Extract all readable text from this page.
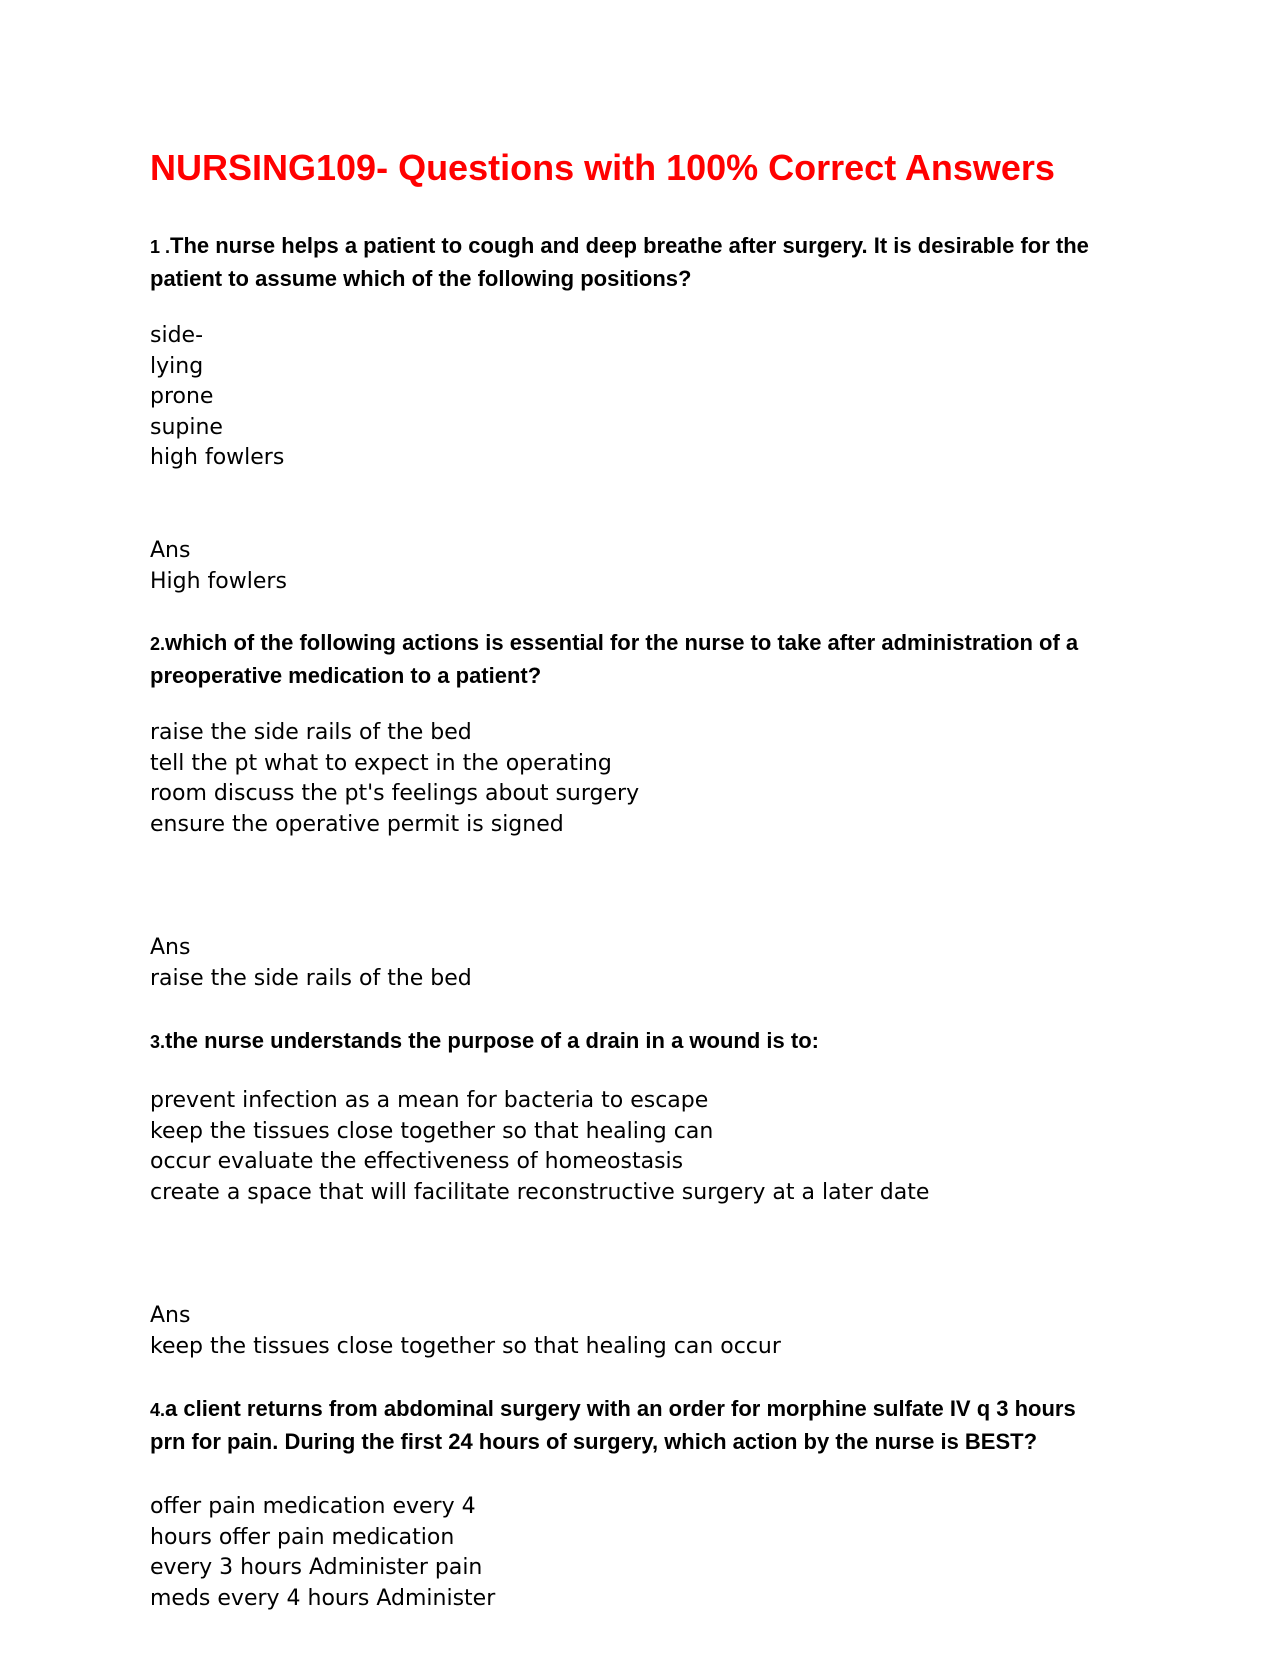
NURSING109- Questions with 100% Correct Answers

1 .The nurse helps a patient to cough and deep breathe after surgery. It is desirable for the patient to assume which of the following positions?

side-
lying
prone
supine
high fowlers
Ans
High fowlers

2.which of the following actions is essential for the nurse to take after administration of a preoperative medication to a patient?

raise the side rails of the bed
tell the pt what to expect in the operating
room discuss the pt's feelings about surgery
ensure the operative permit is signed
Ans
raise the side rails of the bed

3.the nurse understands the purpose of a drain in a wound is to:

prevent infection as a mean for bacteria to escape
keep the tissues close together so that healing can
occur evaluate the effectiveness of homeostasis
create a space that will facilitate reconstructive surgery at a later date
Ans
keep the tissues close together so that healing can occur

4.a client returns from abdominal surgery with an order for morphine sulfate IV q 3 hours prn for pain. During the first 24 hours of surgery, which action by the nurse is BEST?

offer pain medication every 4
hours offer pain medication
every 3 hours Administer pain
meds every 4 hours Administer
